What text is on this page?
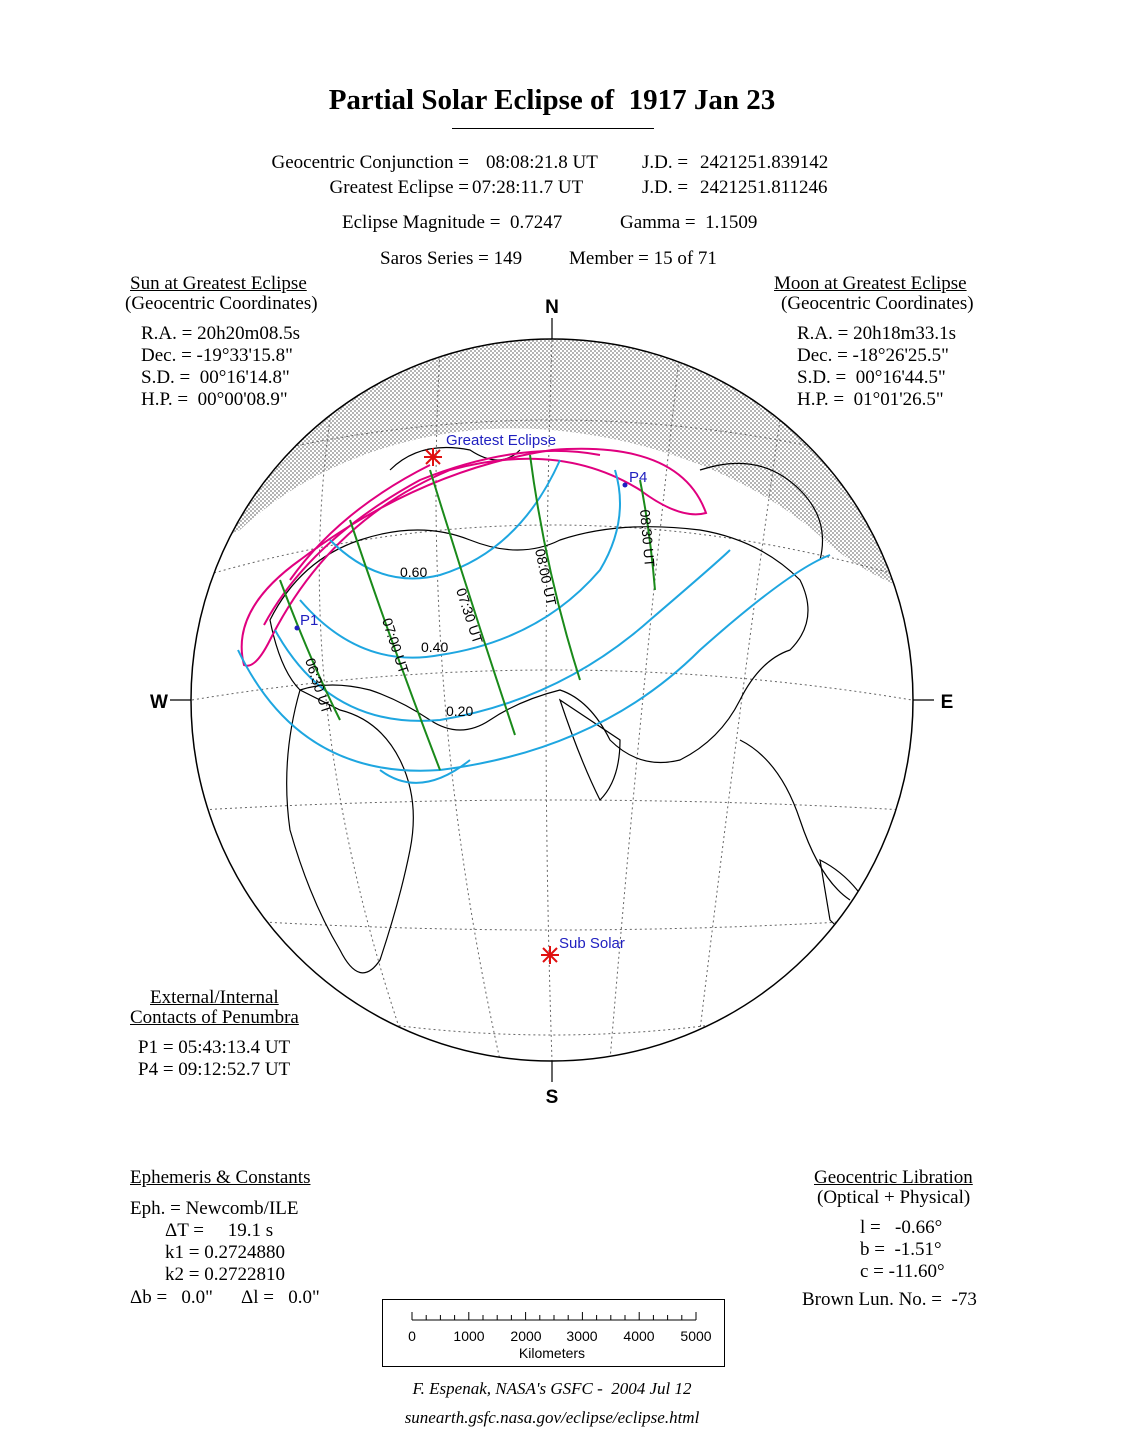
Partial Solar Eclipse of  1917 Jan 23
Geocentric Conjunction = 08:08:21.8 UT J.D. = 2421251.839142
Greatest Eclipse = 07:28:11.7 UT	J.D. = 2421251.811246
Eclipse Magnitude =  0.7247	Gamma =  1.1509
Saros Series = 149 Member = 15 of 71
Sun at Greatest Eclipse
(Geocentric Coordinates)
R.A. = 20h20m08.5s
Dec. = -19°33'15.8"
S.D. =  00°16'14.8"
H.P. =  00°00'08.9"
Moon at Greatest Eclipse
(Geocentric Coordinates)
R.A. = 20h18m33.1s
Dec. = -18°26'25.5"
S.D. =  00°16'44.5"
H.P. =  01°01'26.5"
Greatest Eclipse
Sub Solar
P1
P4
0.60
0.40
0.20
06:30 UT
07:00 UT
07:30 UT
08:00 UT
08:30 UT
N
S
W	E
External/Internal
Contacts of Penumbra
P1 = 05:43:13.4 UT
P4 = 09:12:52.7 UT
Ephemeris & Constants
Eph. = Newcomb/ILE
ΔT =     19.1 s
k1 = 0.2724880
k2 = 0.2722810
Δb =   0.0" Δl =   0.0"
Geocentric Libration
(Optical + Physical)
l =   -0.66°
b =  -1.51°
c = -11.60°
Brown Lun. No. =  -73
0	1000 2000 3000 4000 5000
Kilometers
F. Espenak, NASA's GSFC -  2004 Jul 12
sunearth.gsfc.nasa.gov/eclipse/eclipse.html
